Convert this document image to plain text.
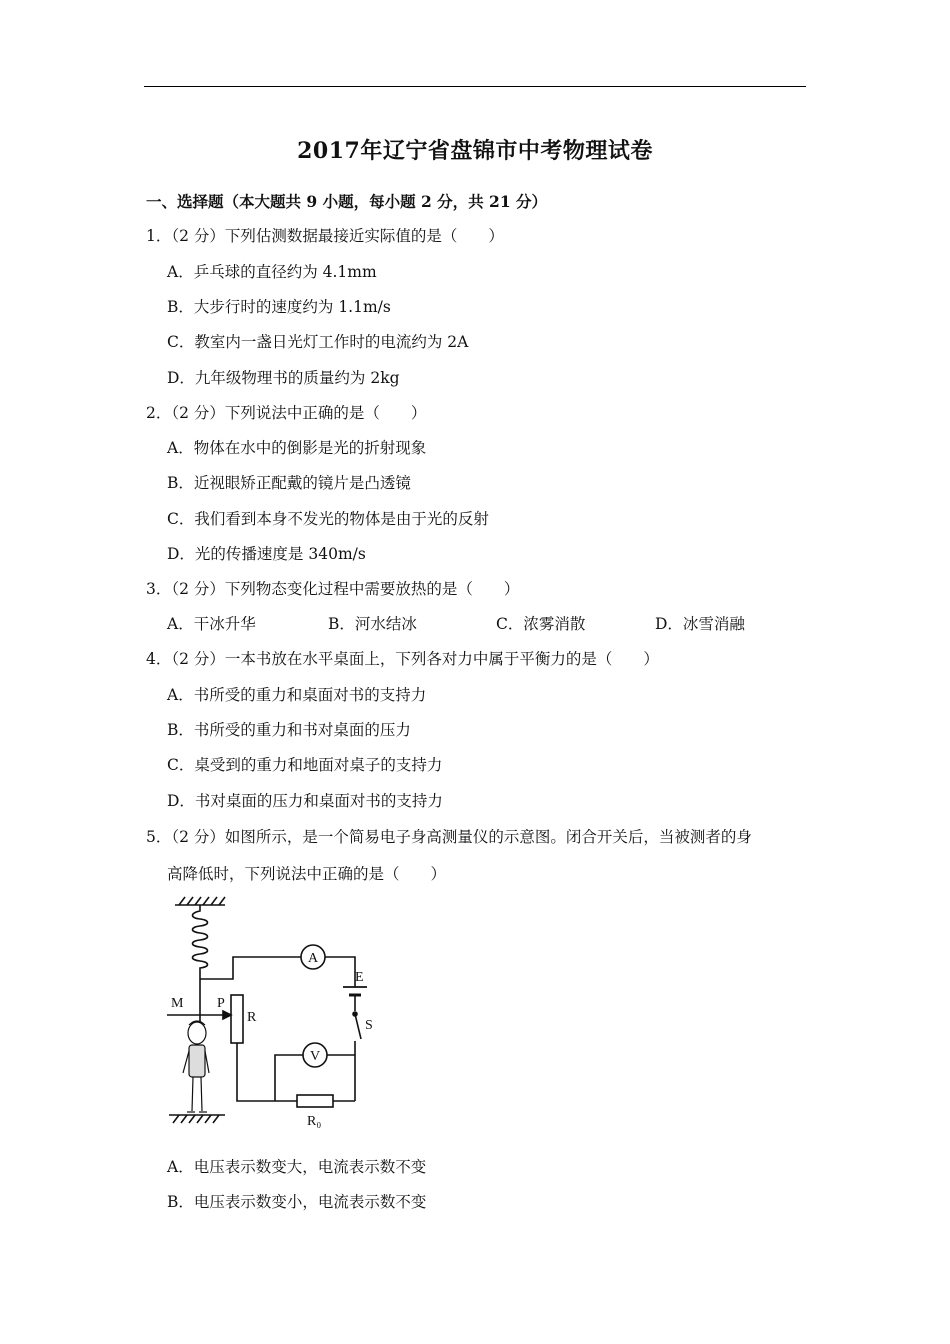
2017年辽宁省盘锦市中考物理试卷
一、选择题（本大题共 9 小题，每小题 2 分，共 21 分）
1．（2 分）下列估测数据最接近实际值的是（　　）
A．乒乓球的直径约为 4.1mm
B．大步行时的速度约为 1.1m/s
C．教室内一盏日光灯工作时的电流约为 2A
D．九年级物理书的质量约为 2kg
2．（2 分）下列说法中正确的是（　　）
A．物体在水中的倒影是光的折射现象
B．近视眼矫正配戴的镜片是凸透镜
C．我们看到本身不发光的物体是由于光的反射
D．光的传播速度是 340m/s
3．（2 分）下列物态变化过程中需要放热的是（　　）
A．干冰升华	B．河水结冰	C．浓雾消散	D．冰雪消融
4．（2 分）一本书放在水平桌面上，下列各对力中属于平衡力的是（　　）
A．书所受的重力和桌面对书的支持力
B．书所受的重力和书对桌面的压力
C．桌受到的重力和地面对桌子的支持力
D．书对桌面的压力和桌面对书的支持力
5．（2 分）如图所示，是一个简易电子身高测量仪的示意图。闭合开关后，当被测者的身
高降低时，下列说法中正确的是（　　）
A
E
S
V
R₀
R
P
M
A．电压表示数变大，电流表示数不变
B．电压表示数变小，电流表示数不变
